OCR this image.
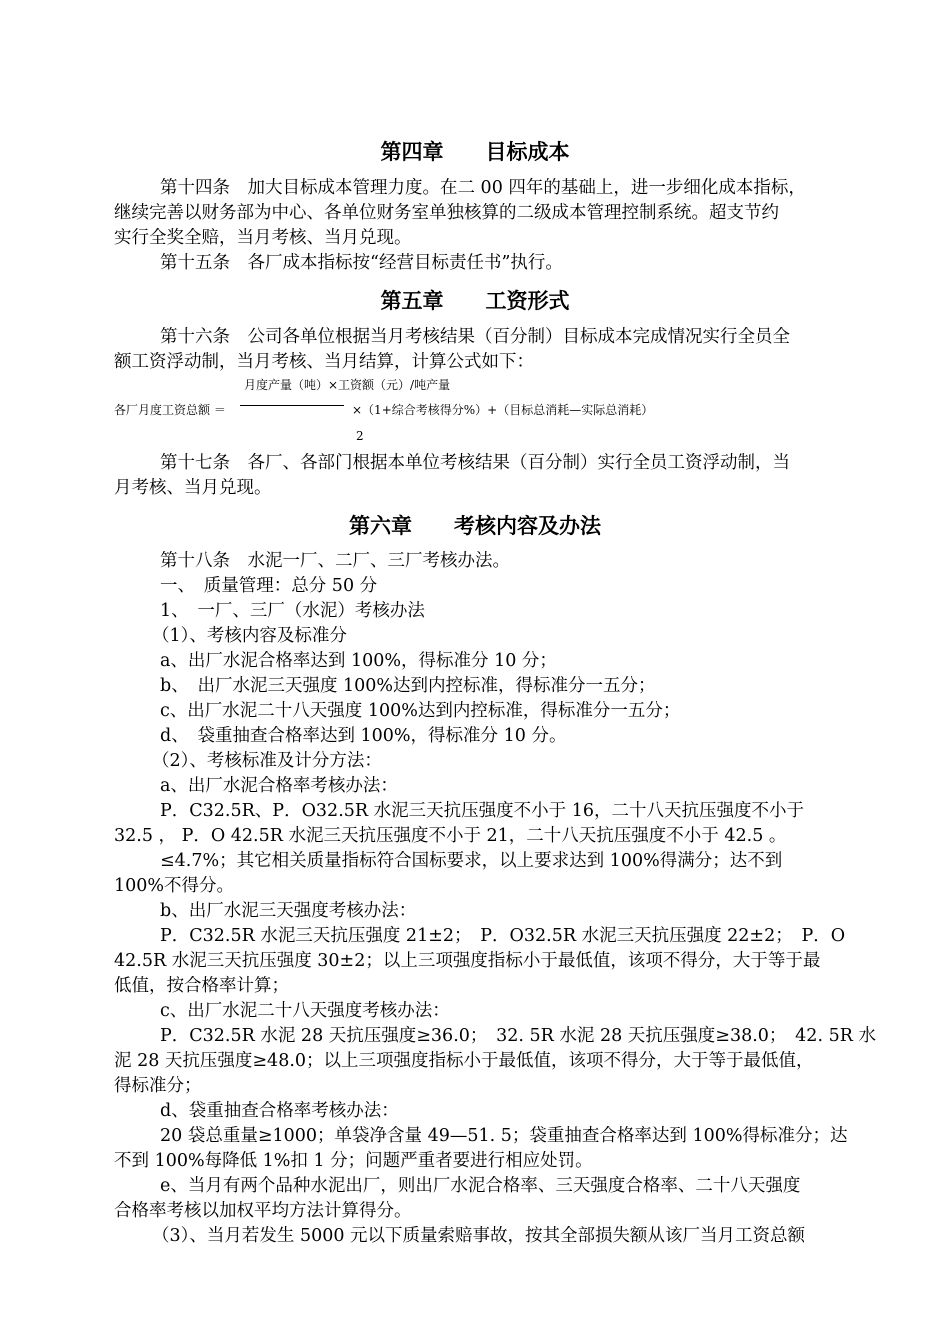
第四章　　目标成本
第十四条　加大目标成本管理力度。在二 00 四年的基础上，进一步细化成本指标，
继续完善以财务部为中心、各单位财务室单独核算的二级成本管理控制系统。超支节约
实行全奖全赔，当月考核、当月兑现。
第十五条　各厂成本指标按“经营目标责任书”执行。
第五章　　工资形式
第十六条　公司各单位根据当月考核结果（百分制）目标成本完成情况实行全员全
额工资浮动制，当月考核、当月结算，计算公式如下：
月度产量（吨）×工资额（元）/吨产量
各厂月度工资总额 ＝	×（1+综合考核得分%）+（目标总消耗—实际总消耗）
2
第十七条　各厂、各部门根据本单位考核结果（百分制）实行全员工资浮动制，当
月考核、当月兑现。
第六章　　考核内容及办法
第十八条　水泥一厂、二厂、三厂考核办法。
一、　质量管理：总分 50 分
1、　一厂、三厂（水泥）考核办法
（1）、考核内容及标准分
a、出厂水泥合格率达到 100%，得标准分 10 分；
b、　出厂水泥三天强度 100%达到内控标准，得标准分一五分；
c、出厂水泥二十八天强度 100%达到内控标准，得标准分一五分；
d、　袋重抽查合格率达到 100%，得标准分 10 分。
（2）、考核标准及计分方法：
a、出厂水泥合格率考核办法：
P．C32.5R、P．O32.5R 水泥三天抗压强度不小于 16，二十八天抗压强度不小于
32.5 ， P．O 42.5R 水泥三天抗压强度不小于 21，二十八天抗压强度不小于 42.5 。
≤4.7%；其它相关质量指标符合国标要求，以上要求达到 100%得满分；达不到
100%不得分。
b、出厂水泥三天强度考核办法：
P．C32.5R 水泥三天抗压强度 21±2；　P．O32.5R 水泥三天抗压强度 22±2；　P．O
42.5R 水泥三天抗压强度 30±2；以上三项强度指标小于最低值，该项不得分，大于等于最
低值，按合格率计算；
c、出厂水泥二十八天强度考核办法：
P．C32.5R 水泥 28 天抗压强度≥36.0；　32. 5R 水泥 28 天抗压强度≥38.0；　42. 5R 水
泥 28 天抗压强度≥48.0；以上三项强度指标小于最低值，该项不得分，大于等于最低值，
得标准分；
d、袋重抽查合格率考核办法：
20 袋总重量≥1000；单袋净含量 49—51. 5；袋重抽查合格率达到 100%得标准分；达
不到 100%每降低 1%扣 1 分；问题严重者要进行相应处罚。
e、当月有两个品种水泥出厂，则出厂水泥合格率、三天强度合格率、二十八天强度
合格率考核以加权平均方法计算得分。
（3）、当月若发生 5000 元以下质量索赔事故，按其全部损失额从该厂当月工资总额
